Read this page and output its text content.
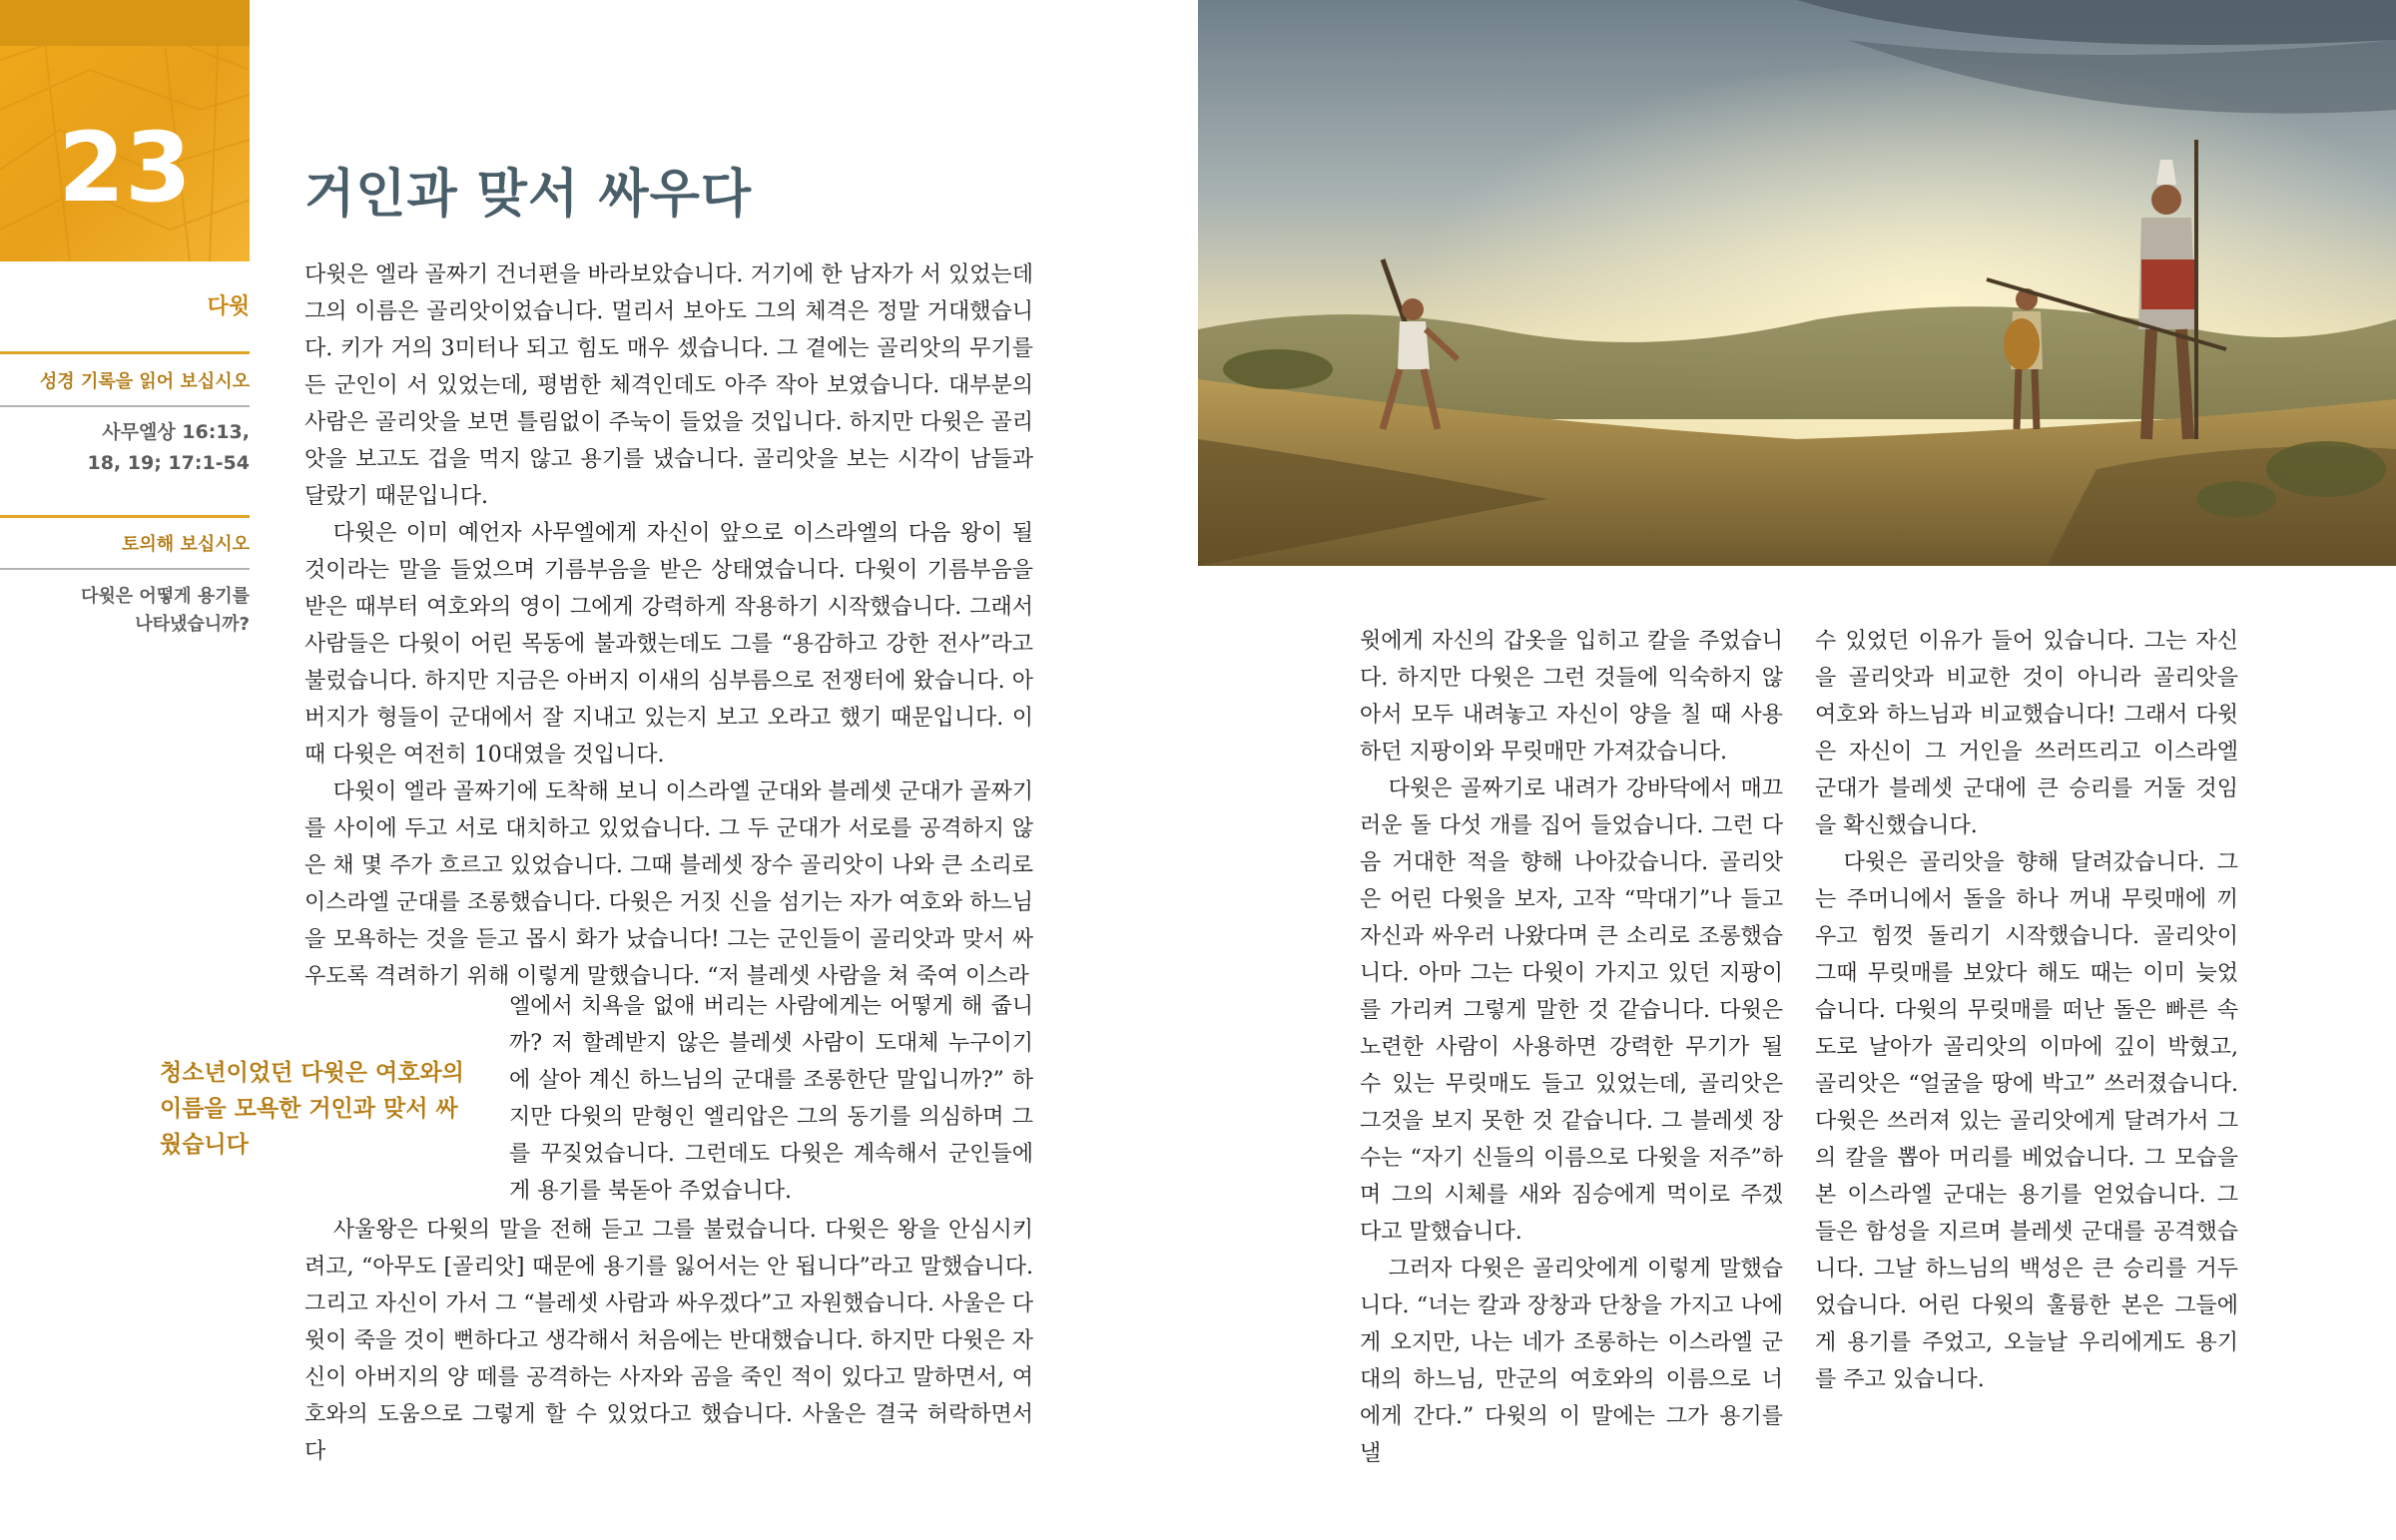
23
다윗
성경 기록을 읽어 보십시오
사무엘상 16:13,
18, 19; 17:1-54
토의해 보십시오
다윗은 어떻게 용기를
나타냈습니까?
거인과 맞서 싸우다

다윗은 엘라 골짜기 건너편을 바라보았습니다. 거기에 한 남자가 서 있었는데 그의 이름은 골리앗이었습니다. 멀리서 보아도 그의 체격은 정말 거대했습니다. 키가 거의 3미터나 되고 힘도 매우 셌습니다. 그 곁에는 골리앗의 무기를 든 군인이 서 있었는데, 평범한 체격인데도 아주 작아 보였습니다. 대부분의 사람은 골리앗을 보면 틀림없이 주눅이 들었을 것입니다. 하지만 다윗은 골리앗을 보고도 겁을 먹지 않고 용기를 냈습니다. 골리앗을 보는 시각이 남들과 달랐기 때문입니다.

다윗은 이미 예언자 사무엘에게 자신이 앞으로 이스라엘의 다음 왕이 될 것이라는 말을 들었으며 기름부음을 받은 상태였습니다. 다윗이 기름부음을 받은 때부터 여호와의 영이 그에게 강력하게 작용하기 시작했습니다. 그래서 사람들은 다윗이 어린 목동에 불과했는데도 그를 “용감하고 강한 전사”라고 불렀습니다. 하지만 지금은 아버지 이새의 심부름으로 전쟁터에 왔습니다. 아버지가 형들이 군대에서 잘 지내고 있는지 보고 오라고 했기 때문입니다. 이때 다윗은 여전히 10대였을 것입니다.

다윗이 엘라 골짜기에 도착해 보니 이스라엘 군대와 블레셋 군대가 골짜기를 사이에 두고 서로 대치하고 있었습니다. 그 두 군대가 서로를 공격하지 않은 채 몇 주가 흐르고 있었습니다. 그때 블레셋 장수 골리앗이 나와 큰 소리로 이스라엘 군대를 조롱했습니다. 다윗은 거짓 신을 섬기는 자가 여호와 하느님을 모욕하는 것을 듣고 몹시 화가 났습니다! 그는 군인들이 골리앗과 맞서 싸우도록 격려하기 위해 이렇게 말했습니다. “저 블레셋 사람을 쳐 죽여 이스라

청소년이었던 다윗은 여호와의 이름을 모욕한 거인과 맞서 싸웠습니다

엘에서 치욕을 없애 버리는 사람에게는 어떻게 해 줍니까? 저 할례받지 않은 블레셋 사람이 도대체 누구이기에 살아 계신 하느님의 군대를 조롱한단 말입니까?” 하지만 다윗의 맏형인 엘리압은 그의 동기를 의심하며 그를 꾸짖었습니다. 그런데도 다윗은 계속해서 군인들에게 용기를 북돋아 주었습니다.

사울왕은 다윗의 말을 전해 듣고 그를 불렀습니다. 다윗은 왕을 안심시키려고, “아무도 [골리앗] 때문에 용기를 잃어서는 안 됩니다”라고 말했습니다. 그리고 자신이 가서 그 “블레셋 사람과 싸우겠다”고 자원했습니다. 사울은 다윗이 죽을 것이 뻔하다고 생각해서 처음에는 반대했습니다. 하지만 다윗은 자신이 아버지의 양 떼를 공격하는 사자와 곰을 죽인 적이 있다고 말하면서, 여호와의 도움으로 그렇게 할 수 있었다고 했습니다. 사울은 결국 허락하면서 다

윗에게 자신의 갑옷을 입히고 칼을 주었습니다. 하지만 다윗은 그런 것들에 익숙하지 않아서 모두 내려놓고 자신이 양을 칠 때 사용하던 지팡이와 무릿매만 가져갔습니다.

다윗은 골짜기로 내려가 강바닥에서 매끄러운 돌 다섯 개를 집어 들었습니다. 그런 다음 거대한 적을 향해 나아갔습니다. 골리앗은 어린 다윗을 보자, 고작 “막대기”나 들고 자신과 싸우러 나왔다며 큰 소리로 조롱했습니다. 아마 그는 다윗이 가지고 있던 지팡이를 가리켜 그렇게 말한 것 같습니다. 다윗은 노련한 사람이 사용하면 강력한 무기가 될 수 있는 무릿매도 들고 있었는데, 골리앗은 그것을 보지 못한 것 같습니다. 그 블레셋 장수는 “자기 신들의 이름으로 다윗을 저주”하며 그의 시체를 새와 짐승에게 먹이로 주겠다고 말했습니다.

그러자 다윗은 골리앗에게 이렇게 말했습니다. “너는 칼과 장창과 단창을 가지고 나에게 오지만, 나는 네가 조롱하는 이스라엘 군대의 하느님, 만군의 여호와의 이름으로 너에게 간다.” 다윗의 이 말에는 그가 용기를 낼

수 있었던 이유가 들어 있습니다. 그는 자신을 골리앗과 비교한 것이 아니라 골리앗을 여호와 하느님과 비교했습니다! 그래서 다윗은 자신이 그 거인을 쓰러뜨리고 이스라엘 군대가 블레셋 군대에 큰 승리를 거둘 것임을 확신했습니다.

다윗은 골리앗을 향해 달려갔습니다. 그는 주머니에서 돌을 하나 꺼내 무릿매에 끼우고 힘껏 돌리기 시작했습니다. 골리앗이 그때 무릿매를 보았다 해도 때는 이미 늦었습니다. 다윗의 무릿매를 떠난 돌은 빠른 속도로 날아가 골리앗의 이마에 깊이 박혔고, 골리앗은 “얼굴을 땅에 박고” 쓰러졌습니다. 다윗은 쓰러져 있는 골리앗에게 달려가서 그의 칼을 뽑아 머리를 베었습니다. 그 모습을 본 이스라엘 군대는 용기를 얻었습니다. 그들은 함성을 지르며 블레셋 군대를 공격했습니다. 그날 하느님의 백성은 큰 승리를 거두었습니다. 어린 다윗의 훌륭한 본은 그들에게 용기를 주었고, 오늘날 우리에게도 용기를 주고 있습니다.
